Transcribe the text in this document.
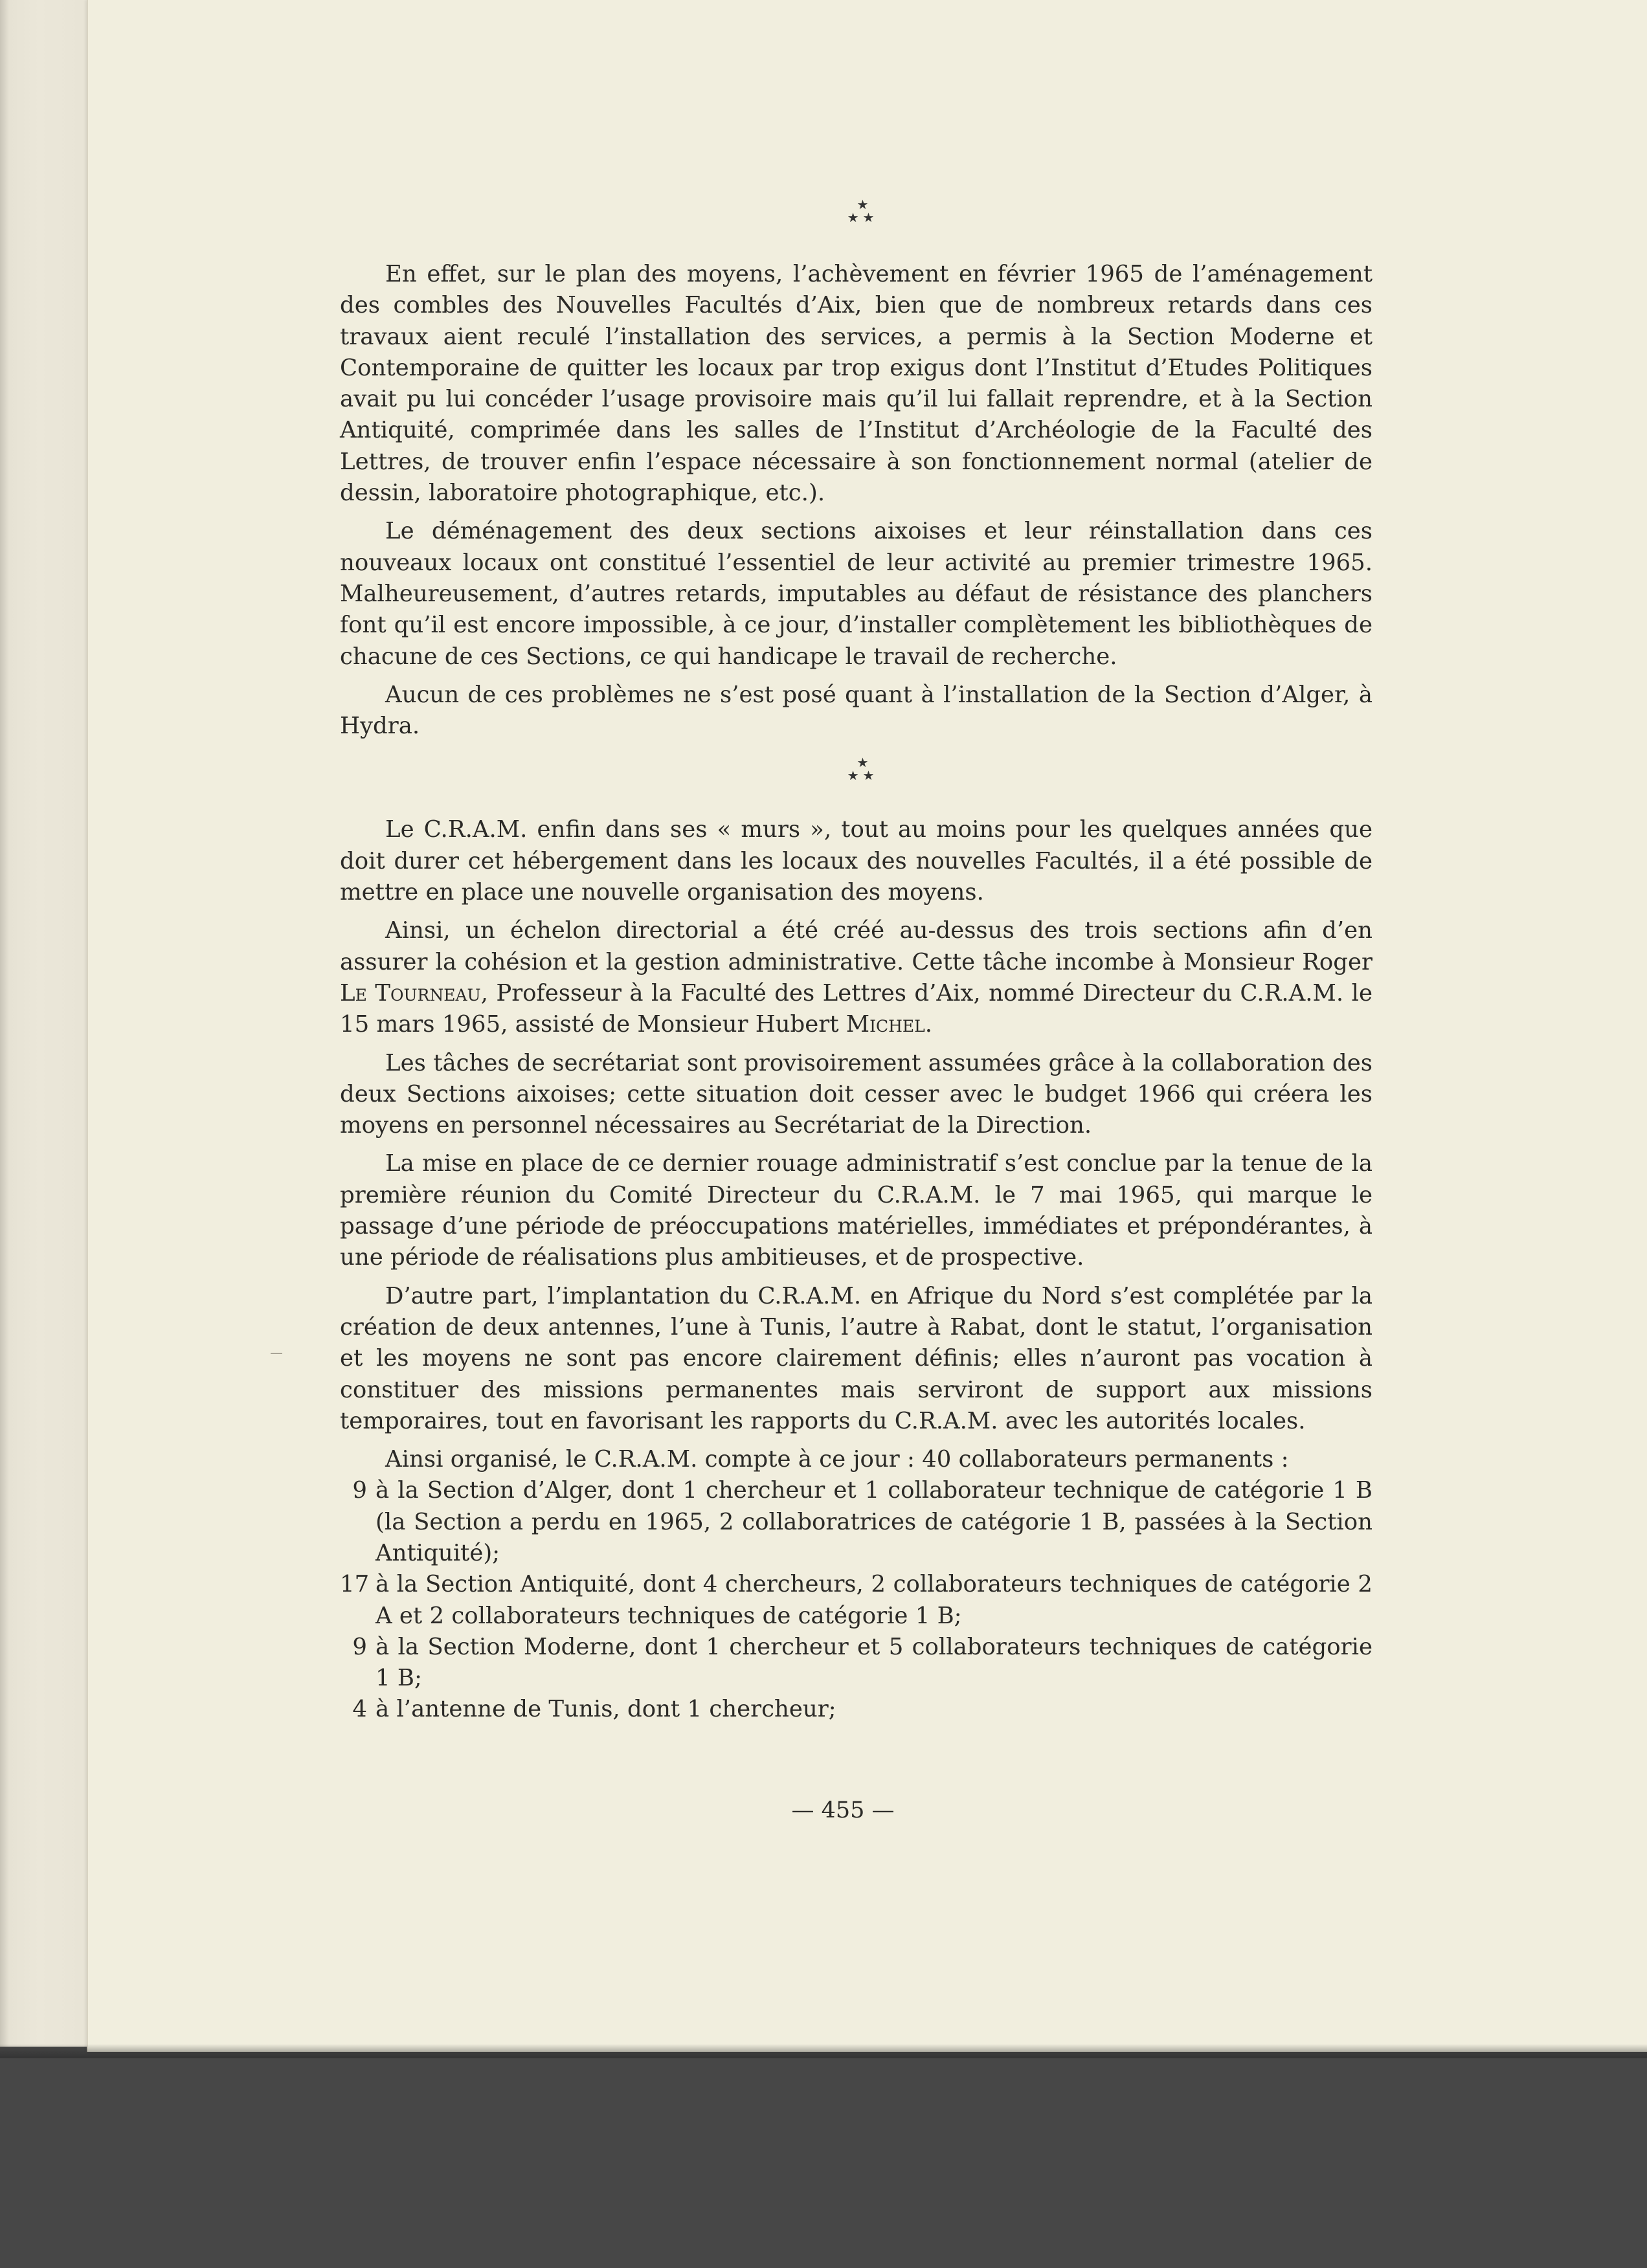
★
★★

En effet, sur le plan des moyens, l’achèvement en février 1965 de l’aménagement des combles des Nouvelles Facultés d’Aix, bien que de nombreux retards dans ces travaux aient reculé l’installation des services, a permis à la Section Moderne et Contemporaine de quitter les locaux par trop exigus dont l’Institut d’Etudes Politiques avait pu lui concéder l’usage provisoire mais qu’il lui fallait reprendre, et à la Section Antiquité, comprimée dans les salles de l’Institut d’Archéologie de la Faculté des Lettres, de trouver enfin l’espace nécessaire à son fonctionnement normal (atelier de dessin, laboratoire photographique, etc.).

Le déménagement des deux sections aixoises et leur réinstallation dans ces nouveaux locaux ont constitué l’essentiel de leur activité au premier trimestre 1965. Malheureusement, d’autres retards, imputables au défaut de résistance des planchers font qu’il est encore impossible, à ce jour, d’installer complètement les bibliothèques de chacune de ces Sections, ce qui handicape le travail de recherche.

Aucun de ces problèmes ne s’est posé quant à l’installation de la Section d’Alger, à Hydra.

★
★★

Le C.R.A.M. enfin dans ses « murs », tout au moins pour les quelques années que doit durer cet hébergement dans les locaux des nouvelles Facultés, il a été possible de mettre en place une nouvelle organisation des moyens.

Ainsi, un échelon directorial a été créé au-dessus des trois sections afin d’en assurer la cohésion et la gestion administrative. Cette tâche incombe à Monsieur Roger Le Tourneau, Professeur à la Faculté des Lettres d’Aix, nommé Directeur du C.R.A.M. le 15 mars 1965, assisté de Monsieur Hubert Michel.

Les tâches de secrétariat sont provisoirement assumées grâce à la collaboration des deux Sections aixoises; cette situation doit cesser avec le budget 1966 qui créera les moyens en personnel nécessaires au Secrétariat de la Direction.

La mise en place de ce dernier rouage administratif s’est conclue par la tenue de la première réunion du Comité Directeur du C.R.A.M. le 7 mai 1965, qui marque le passage d’une période de préoccupations matérielles, immédiates et prépondérantes, à une période de réalisations plus ambitieuses, et de prospective.

D’autre part, l’implantation du C.R.A.M. en Afrique du Nord s’est complétée par la création de deux antennes, l’une à Tunis, l’autre à Rabat, dont le statut, l’organisation et les moyens ne sont pas encore clairement définis; elles n’auront pas vocation à constituer des missions permanentes mais serviront de support aux missions temporaires, tout en favorisant les rapports du C.R.A.M. avec les autorités locales.

Ainsi organisé, le C.R.A.M. compte à ce jour : 40 collaborateurs permanents :

9 à la Section d’Alger, dont 1 chercheur et 1 collaborateur technique de catégorie 1 B (la Section a perdu en 1965, 2 collaboratrices de catégorie 1 B, passées à la Section Antiquité);

17 à la Section Antiquité, dont 4 chercheurs, 2 collaborateurs techniques de catégorie 2 A et 2 collaborateurs techniques de catégorie 1 B;

9 à la Section Moderne, dont 1 chercheur et 5 collaborateurs techniques de catégorie 1 B;

4 à l’antenne de Tunis, dont 1 chercheur;

— 455 —
